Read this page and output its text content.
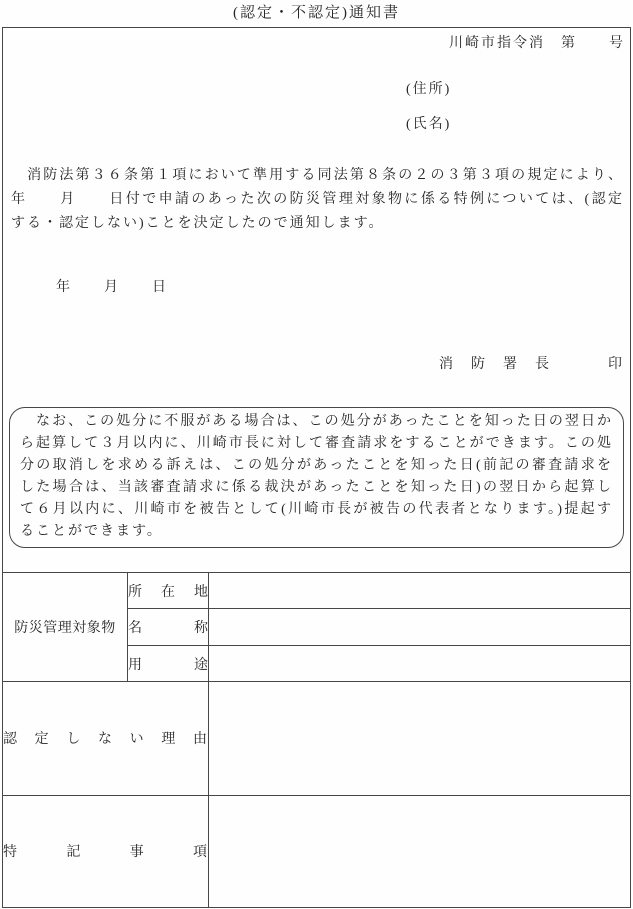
(認定・不認定)通知書
川崎市指令消　第　　号
(住所)
(氏名)
　消防法第３６条第１項において準用する同法第８条の２の３第３項の規定により、年　　月　　日付で申請のあった次の防災管理対象物に係る特例については、(認定する・認定しない)ことを決定したので通知します。
年　　月　　日
消　防　署　長	印
　なお、この処分に不服がある場合は、この処分があったことを知った日の翌日から起算して３月以内に、川崎市長に対して審査請求をすることができます。この処分の取消しを求める訴えは、この処分があったことを知った日(前記の審査請求をした場合は、当該審査請求に係る裁決があったことを知った日)の翌日から起算して６月以内に、川崎市を被告として(川崎市長が被告の代表者となります。)提起することができます。
防災管理対象物	所在地	
	名称	
	用途	
認定しない理由		
特記事項		
